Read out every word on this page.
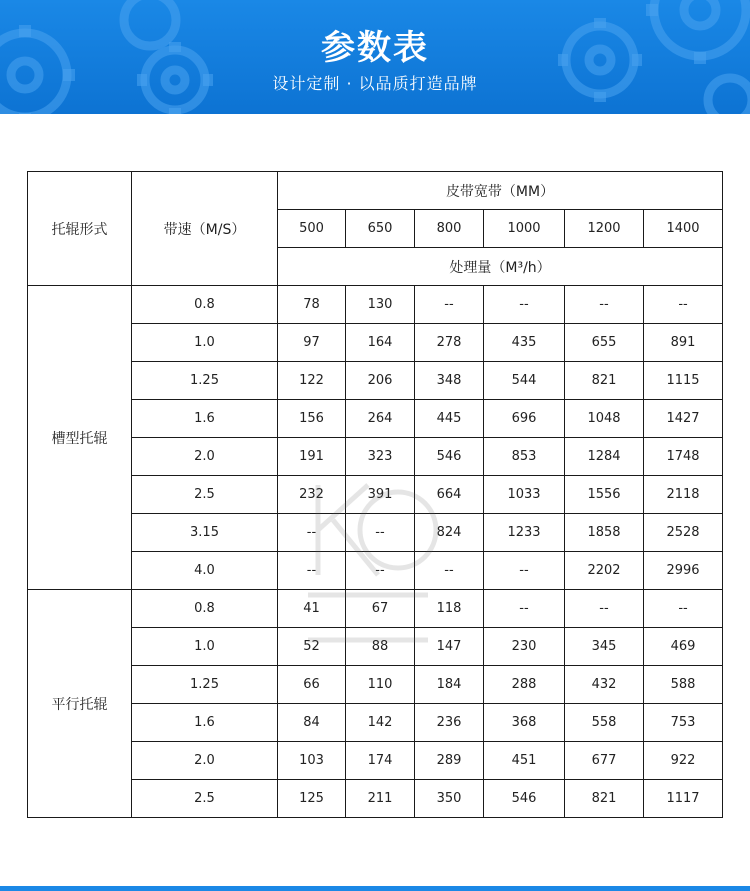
参数表
设计定制 · 以品质打造品牌
托辊形式	带速（M/S）	皮带宽带（MM）					
		500	650	800	1000	1200	1400
		处理量（M³/h）					
槽型托辊	0.8	78	130	--	--	--	--
	1.0	97	164	278	435	655	891
	1.25	122	206	348	544	821	1115
	1.6	156	264	445	696	1048	1427
	2.0	191	323	546	853	1284	1748
	2.5	232	391	664	1033	1556	2118
	3.15	--	--	824	1233	1858	2528
	4.0	--	--	--	--	2202	2996
平行托辊	0.8	41	67	118	--	--	--
	1.0	52	88	147	230	345	469
	1.25	66	110	184	288	432	588
	1.6	84	142	236	368	558	753
	2.0	103	174	289	451	677	922
	2.5	125	211	350	546	821	1117
